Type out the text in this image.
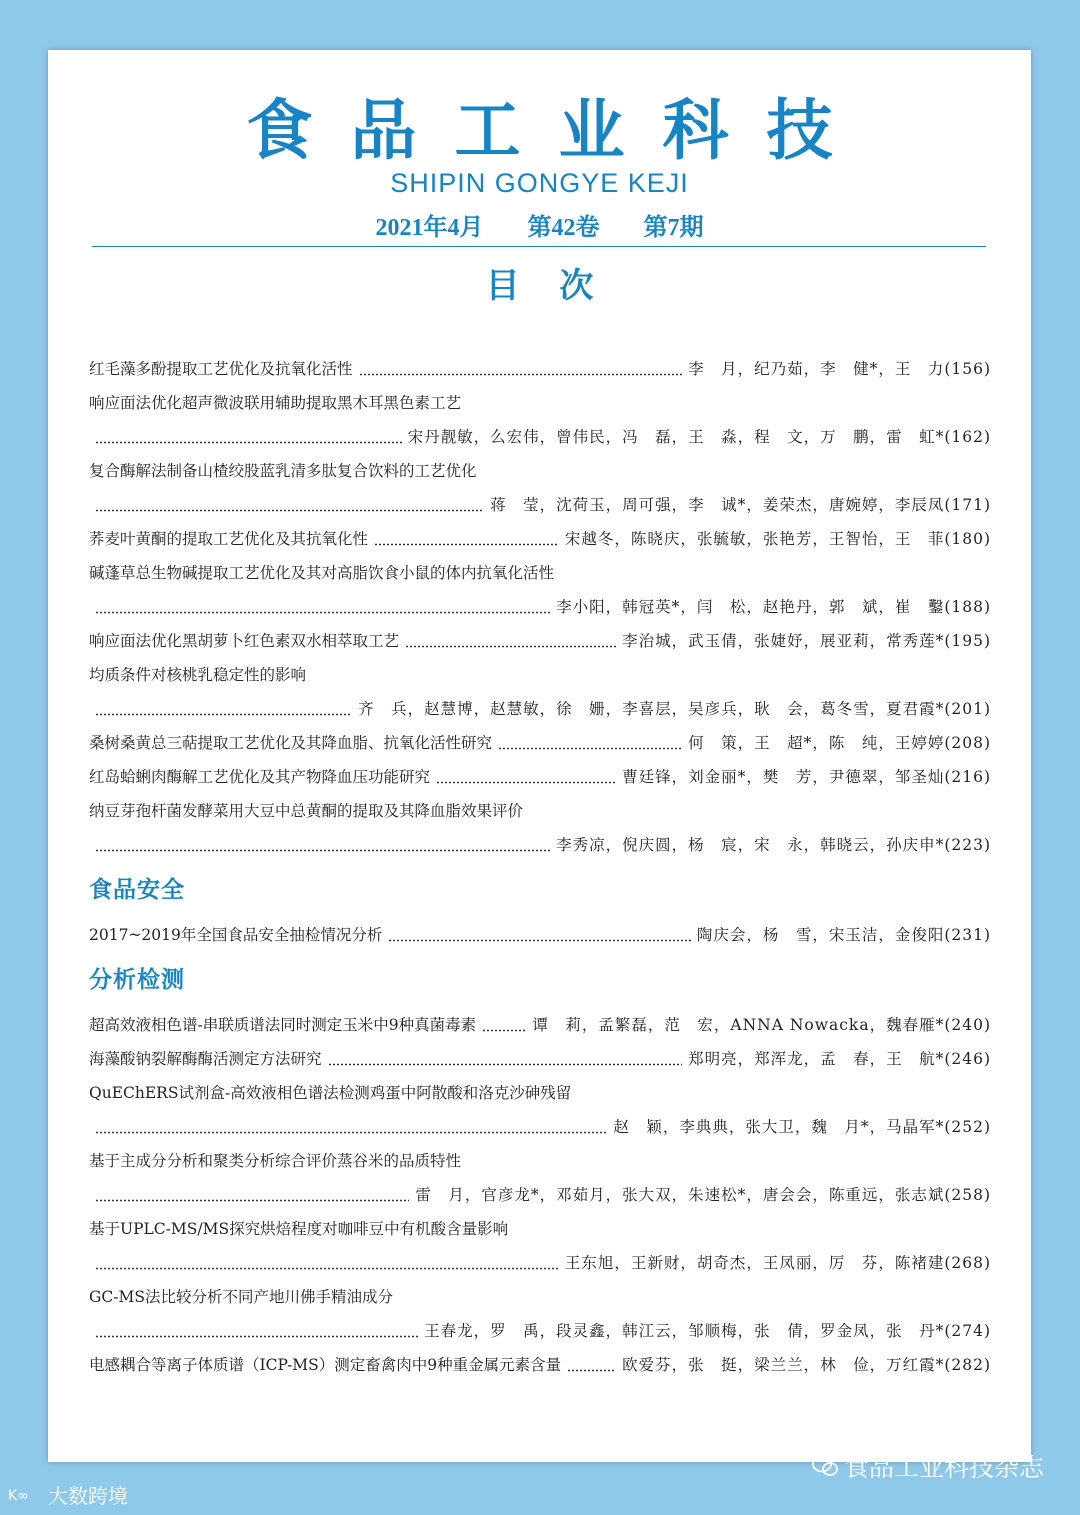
食品工业科技
SHIPIN GONGYE KEJI
2021年4月 第42卷 第7期
目 次
红毛藻多酚提取工艺优化及抗氧化活性	李　月，纪乃茹，李　健*，王　力(156)
响应面法优化超声微波联用辅助提取黑木耳黑色素工艺
宋丹靓敏，么宏伟，曾伟民，冯　磊，王　淼，程　文，万　鹏，雷　虹*(162)
复合酶解法制备山楂绞股蓝乳清多肽复合饮料的工艺优化
蒋　莹，沈荷玉，周可强，李　诚*，姜荣杰，唐婉婷，李辰凤(171)
荞麦叶黄酮的提取工艺优化及其抗氧化性	宋越冬，陈晓庆，张毓敏，张艳芳，王智怡，王　菲(180)
碱蓬草总生物碱提取工艺优化及其对高脂饮食小鼠的体内抗氧化活性
李小阳，韩冠英*，闫　松，赵艳丹，郭　斌，崔　鑿(188)
响应面法优化黑胡萝卜红色素双水相萃取工艺	李治城，武玉倩，张婕妤，展亚莉，常秀莲*(195)
均质条件对核桃乳稳定性的影响
齐　兵，赵慧博，赵慧敏，徐　姗，李喜层，吴彦兵，耿　会，葛冬雪，夏君霞*(201)
桑树桑黄总三萜提取工艺优化及其降血脂、抗氧化活性研究	何　策，王　超*，陈　纯，王婷婷(208)
红岛蛤蜊肉酶解工艺优化及其产物降血压功能研究	曹廷锋，刘金丽*，樊　芳，尹德翠，邹圣灿(216)
纳豆芽孢杆菌发酵菜用大豆中总黄酮的提取及其降血脂效果评价
李秀凉，倪庆圆，杨　宸，宋　永，韩晓云，孙庆申*(223)
食品安全
2017~2019年全国食品安全抽检情况分析	陶庆会，杨　雪，宋玉洁，金俊阳(231)
分析检测
超高效液相色谱-串联质谱法同时测定玉米中9种真菌毒素	谭　莉，孟繁磊，范　宏，ANNA Nowacka，魏春雁*(240)
海藻酸钠裂解酶酶活测定方法研究	郑明亮，郑浑龙，孟　春，王　航*(246)
QuEChERS试剂盒-高效液相色谱法检测鸡蛋中阿散酸和洛克沙砷残留
赵　颖，李典典，张大卫，魏　月*，马晶军*(252)
基于主成分分析和聚类分析综合评价蒸谷米的品质特性
雷　月，官彦龙*，邓茹月，张大双，朱速松*，唐会会，陈重远，张志斌(258)
基于UPLC-MS/MS探究烘焙程度对咖啡豆中有机酸含量影响
王东旭，王新财，胡奇杰，王凤丽，厉　芬，陈褚建(268)
GC-MS法比较分析不同产地川佛手精油成分
王春龙，罗　禹，段灵鑫，韩江云，邹顺梅，张　倩，罗金凤，张　丹*(274)
电感耦合等离子体质谱（ICP-MS）测定畜禽肉中9种重金属元素含量	欧爱芬，张　挺，梁兰兰，林　俭，万红霞*(282)
食品工业科技杂志
K∞ 大数跨境
